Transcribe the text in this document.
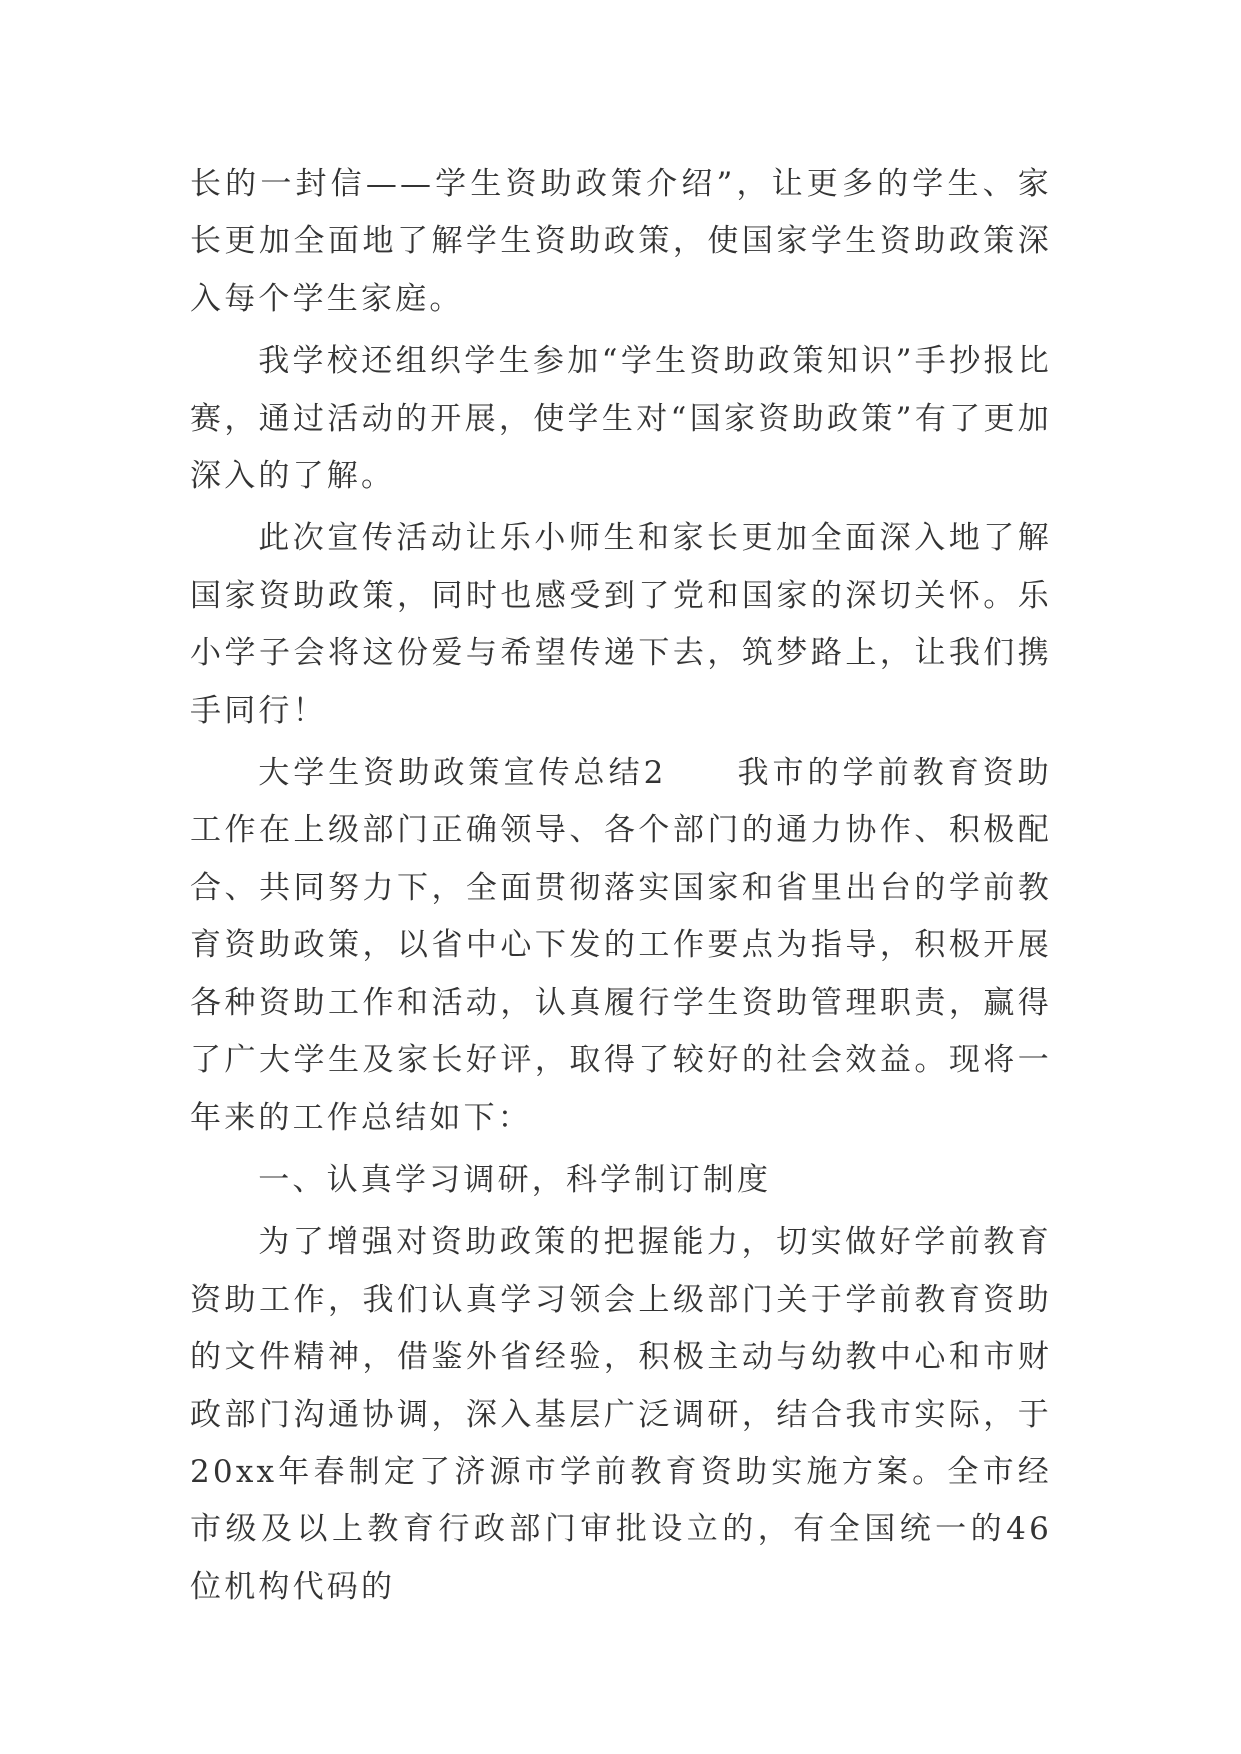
长的一封信——学生资助政策介绍”，让更多的学生、家长更加全面地了解学生资助政策，使国家学生资助政策深入每个学生家庭。

我学校还组织学生参加“学生资助政策知识”手抄报比赛，通过活动的开展，使学生对“国家资助政策”有了更加深入的了解。

此次宣传活动让乐小师生和家长更加全面深入地了解国家资助政策，同时也感受到了党和国家的深切关怀。乐小学子会将这份爱与希望传递下去，筑梦路上，让我们携手同行！

大学生资助政策宣传总结2　　我市的学前教育资助工作在上级部门正确领导、各个部门的通力协作、积极配合、共同努力下，全面贯彻落实国家和省里出台的学前教育资助政策，以省中心下发的工作要点为指导，积极开展各种资助工作和活动，认真履行学生资助管理职责，赢得了广大学生及家长好评，取得了较好的社会效益。现将一年来的工作总结如下：

一、认真学习调研，科学制订制度

为了增强对资助政策的把握能力，切实做好学前教育资助工作，我们认真学习领会上级部门关于学前教育资助的文件精神，借鉴外省经验，积极主动与幼教中心和市财政部门沟通协调，深入基层广泛调研，结合我市实际，于20xx年春制定了济源市学前教育资助实施方案。全市经市级及以上教育行政部门审批设立的，有全国统一的46位机构代码的
